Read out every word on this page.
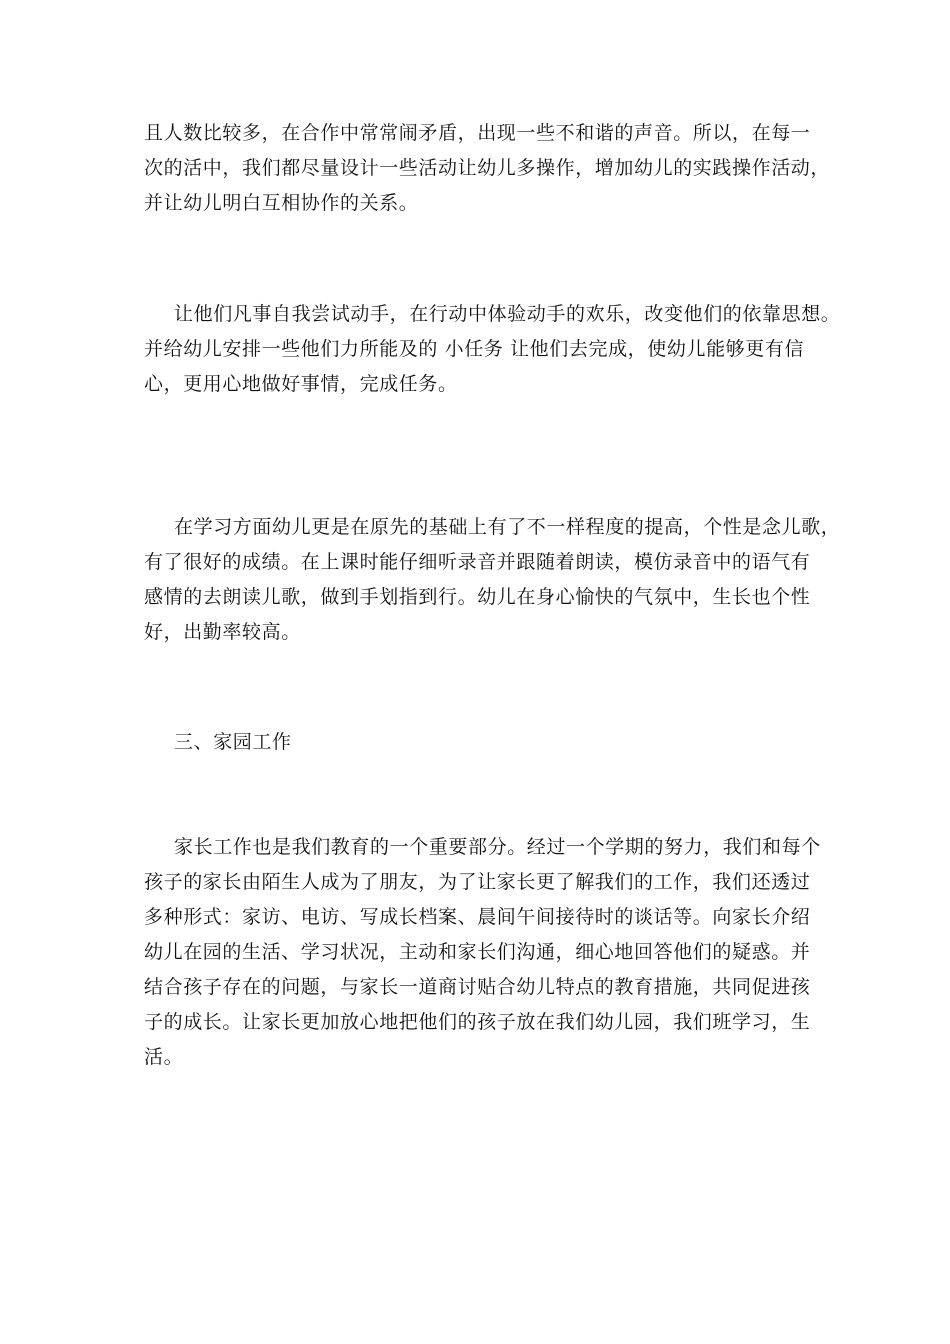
且人数比较多，在合作中常常闹矛盾，出现一些不和谐的声音。所以，在每一
次的活中，我们都尽量设计一些活动让幼儿多操作，增加幼儿的实践操作活动，
并让幼儿明白互相协作的关系。

让他们凡事自我尝试动手，在行动中体验动手的欢乐，改变他们的依靠思想。
并给幼儿安排一些他们力所能及的 小任务 让他们去完成，使幼儿能够更有信
心，更用心地做好事情，完成任务。

在学习方面幼儿更是在原先的基础上有了不一样程度的提高，个性是念儿歌，
有了很好的成绩。在上课时能仔细听录音并跟随着朗读，模仿录音中的语气有
感情的去朗读儿歌，做到手划指到行。幼儿在身心愉快的气氛中，生长也个性
好，出勤率较高。

三、家园工作

家长工作也是我们教育的一个重要部分。经过一个学期的努力，我们和每个
孩子的家长由陌生人成为了朋友，为了让家长更了解我们的工作，我们还透过
多种形式：家访、电访、写成长档案、晨间午间接待时的谈话等。向家长介绍
幼儿在园的生活、学习状况，主动和家长们沟通，细心地回答他们的疑惑。并
结合孩子存在的问题，与家长一道商讨贴合幼儿特点的教育措施，共同促进孩
子的成长。让家长更加放心地把他们的孩子放在我们幼儿园，我们班学习，生
活。
